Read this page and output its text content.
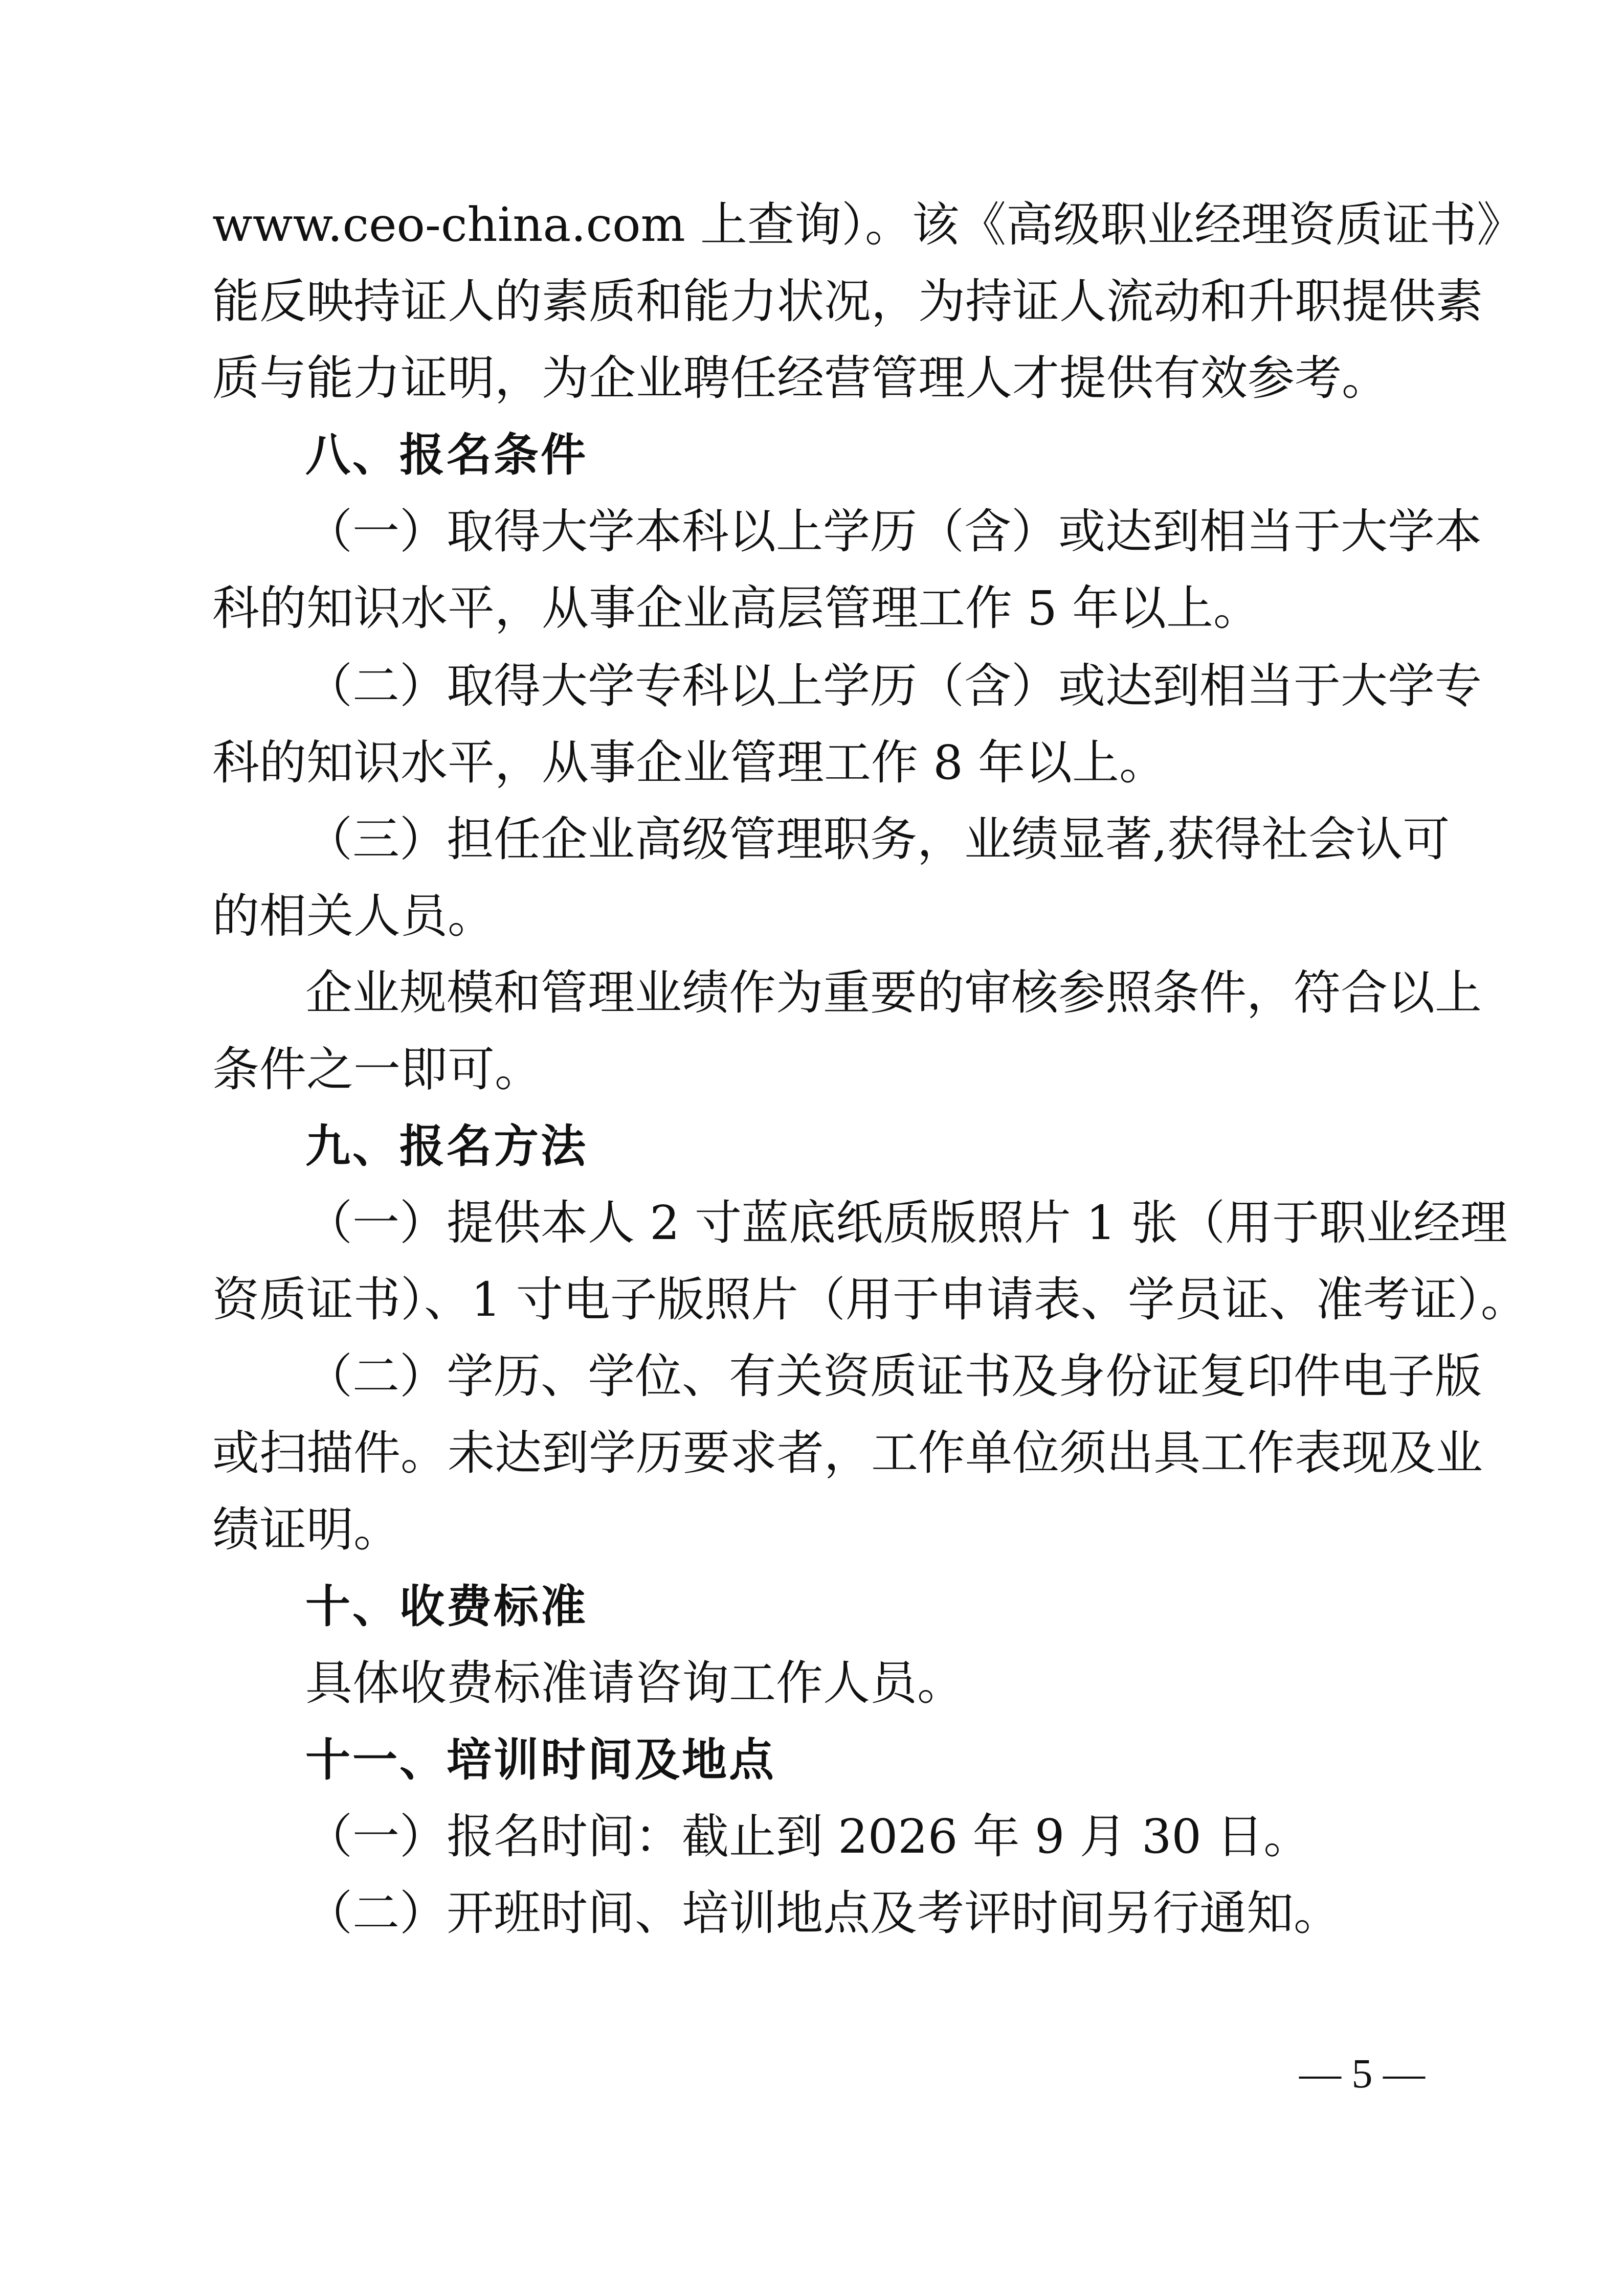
www.ceo-china.com 上查询）。该《高级职业经理资质证书》
能反映持证人的素质和能力状况，为持证人流动和升职提供素
质与能力证明，为企业聘任经营管理人才提供有效参考。
八、报名条件
（一）取得大学本科以上学历（含）或达到相当于大学本
科的知识水平，从事企业高层管理工作 5 年以上。
（二）取得大学专科以上学历（含）或达到相当于大学专
科的知识水平，从事企业管理工作 8 年以上。
（三）担任企业高级管理职务，业绩显著,获得社会认可
的相关人员。
企业规模和管理业绩作为重要的审核参照条件，符合以上
条件之一即可。
九、报名方法
（一）提供本人 2 寸蓝底纸质版照片 1 张（用于职业经理
资质证书）、1 寸电子版照片（用于申请表、学员证、准考证）。
（二）学历、学位、有关资质证书及身份证复印件电子版
或扫描件。未达到学历要求者，工作单位须出具工作表现及业
绩证明。
十、收费标准
具体收费标准请咨询工作人员。
十一、培训时间及地点
（一）报名时间：截止到 2026 年 9 月 30 日。
（二）开班时间、培训地点及考评时间另行通知。
— 5 —
